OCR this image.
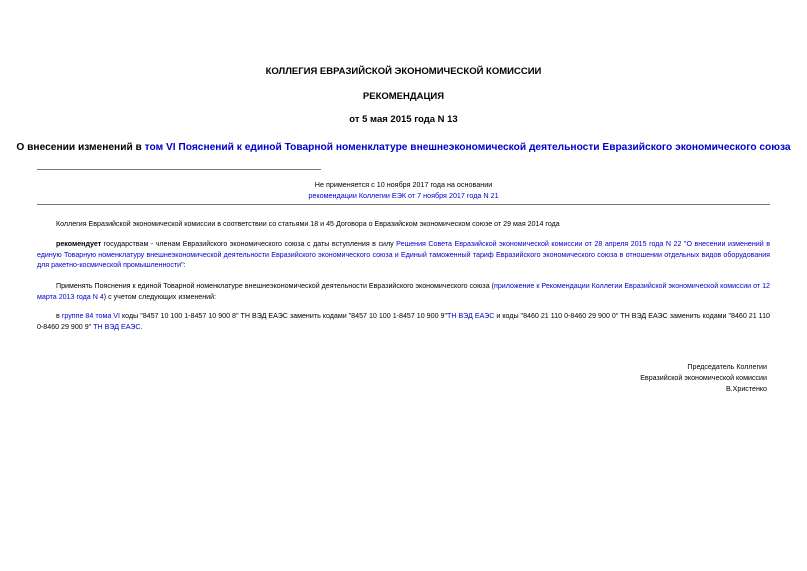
КОЛЛЕГИЯ ЕВРАЗИЙСКОЙ ЭКОНОМИЧЕСКОЙ КОМИССИИ
РЕКОМЕНДАЦИЯ
от 5 мая 2015 года N 13
О внесении изменений в том VI Пояснений к единой Товарной номенклатуре внешнеэкономической деятельности Евразийского экономического союза
Не применяется с 10 ноября 2017 года на основании
рекомендации Коллегии ЕЭК от 7 ноября 2017 года N 21
Коллегия Евразийской экономической комиссии в соответствии со статьями 18 и 45 Договора о Евразийском экономическом союзе от 29 мая 2014 года
рекомендует государствам - членам Евразийского экономического союза с даты вступления в силу Решения Совета Евразийской экономической комиссии от 28 апреля 2015 года N 22 "О внесении изменений в единую Товарную номенклатуру внешнеэкономической деятельности Евразийского экономического союза и Единый таможенный тариф Евразийского экономического союза в отношении отдельных видов оборудования для ракетно-космической промышленности":
Применять Пояснения к единой Товарной номенклатуре внешнеэкономической деятельности Евразийского экономического союза (приложение к Рекомендации Коллегии Евразийской экономической комиссии от 12 марта 2013 года N 4) с учетом следующих изменений:
в группе 84 тома VI коды "8457 10 100 1-8457 10 900 8" ТН ВЭД ЕАЭС заменить кодами "8457 10 100 1-8457 10 900 9"ТН ВЭД ЕАЭС и коды "8460 21 110 0-8460 29 900 0" ТН ВЭД ЕАЭС заменить кодами "8460 21 110 0-8460 29 900 9" ТН ВЭД ЕАЭС.
Председатель Коллегии
Евразийской экономической комиссии
В.Христенко
